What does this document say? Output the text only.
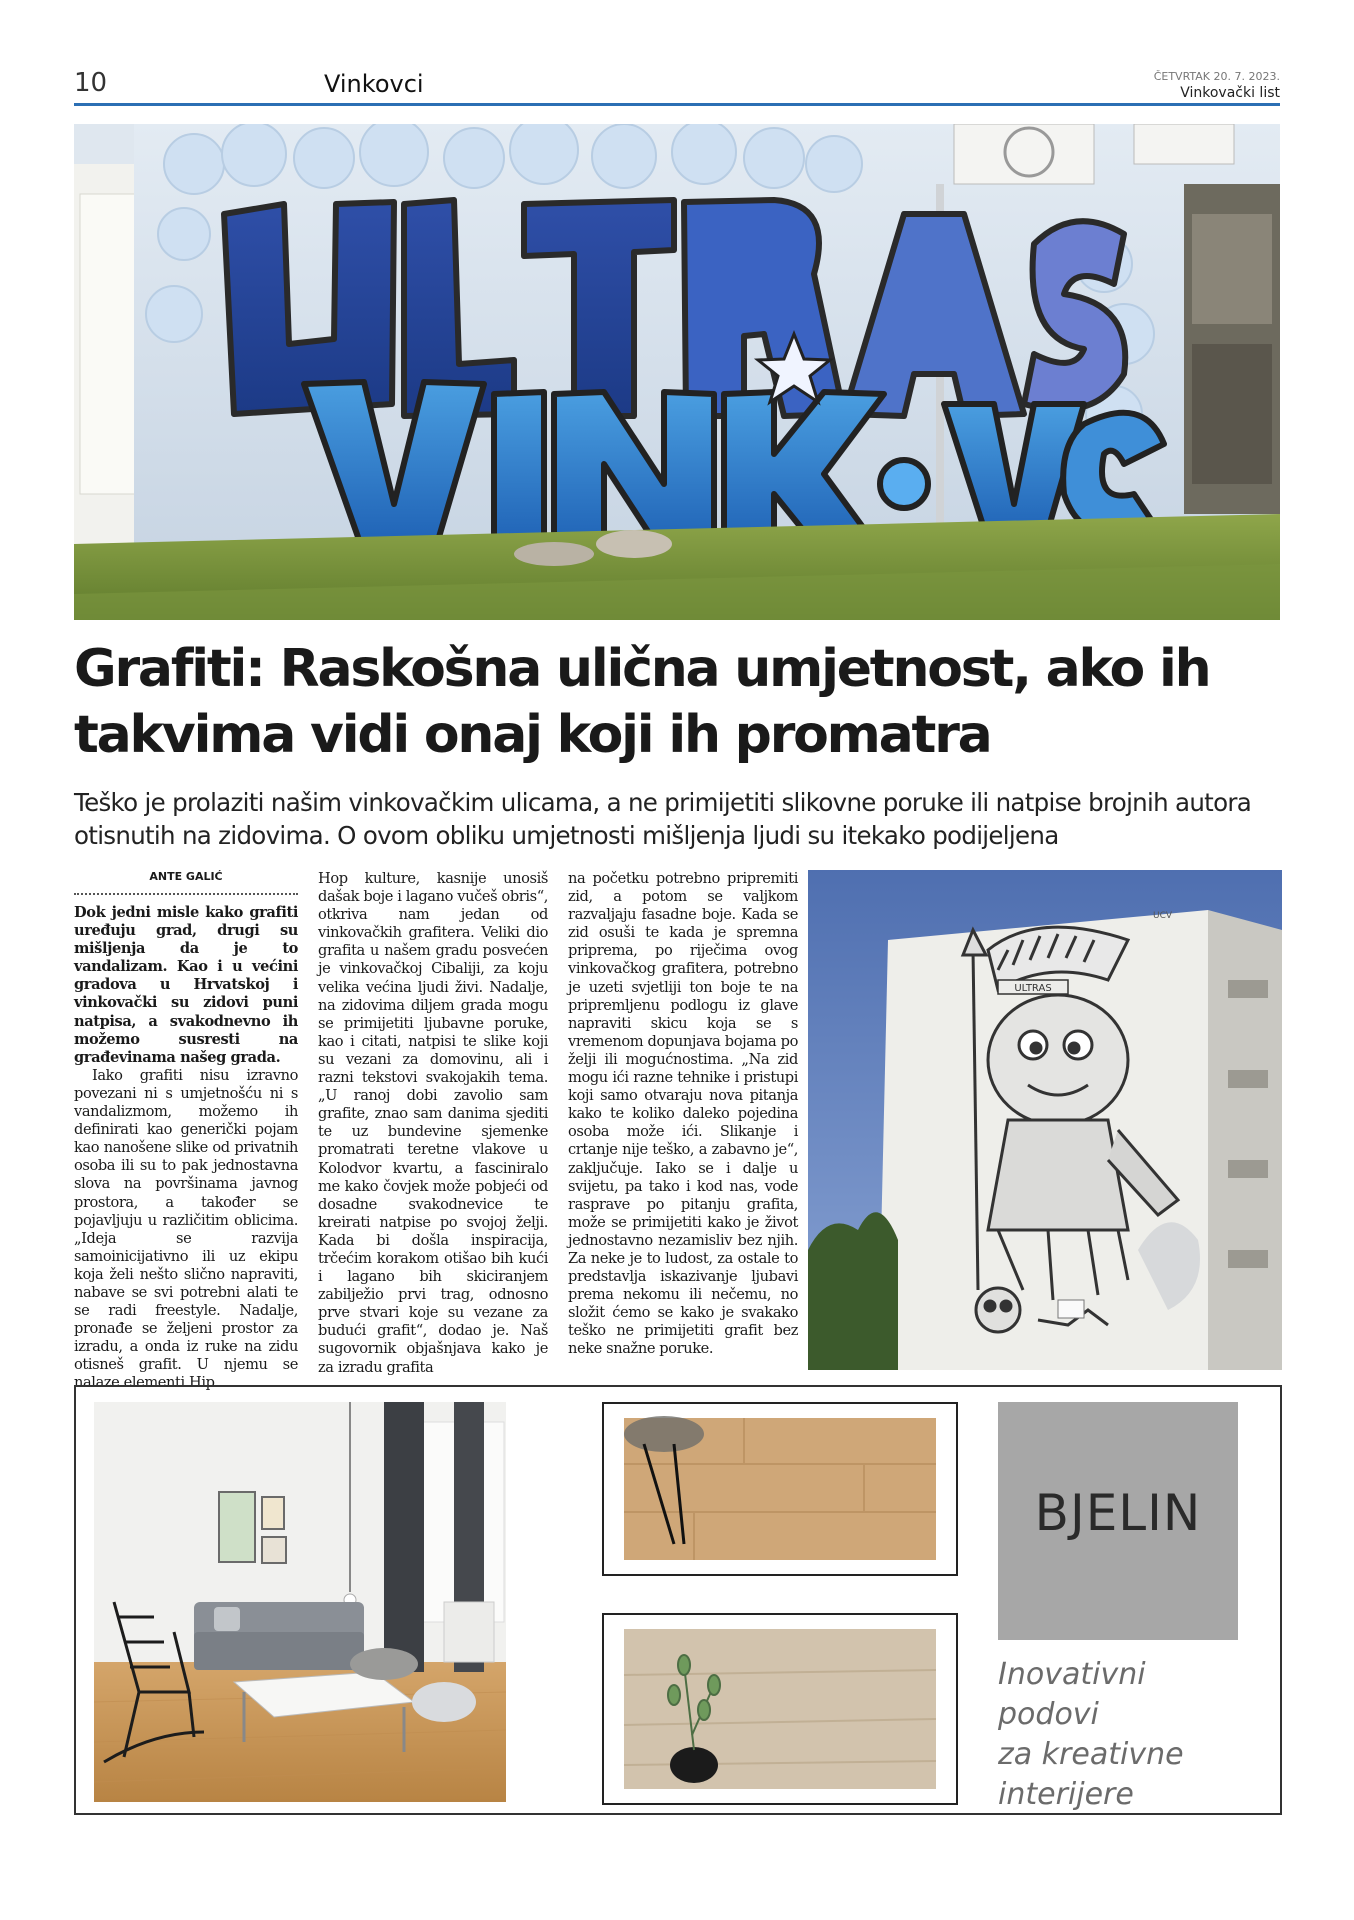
10	Vinkovci	ČETVRTAK 20. 7. 2023.
Vinkovački list
Grafiti: Raskošna ulična umjetnost, ako ih takvima vidi onaj koji ih promatra

Teško je prolaziti našim vinkovačkim ulicama, a ne primijetiti slikovne poruke ili natpise brojnih autora otisnutih na zidovima. O ovom obliku umjetnosti mišljenja ljudi su itekako podijeljena

ANTE GALIĆ

Dok jedni misle kako grafiti uređuju grad, drugi su mišljenja da je to vandalizam. Kao i u većini gradova u Hrvatskoj i vinkovački su zidovi puni natpisa, a svakodnevno ih možemo susresti na građevinama našeg grada.

Iako grafiti nisu izravno povezani ni s umjetnošću ni s vandalizmom, možemo ih definirati kao generički pojam kao nanošene slike od privatnih osoba ili su to pak jednostavna slova na površinama javnog prostora, a također se pojavljuju u različitim oblicima. „Ideja se razvija samoinicijativno ili uz ekipu koja želi nešto slično napraviti, nabave se svi potrebni alati te se radi freestyle. Nadalje, pronađe se željeni prostor za izradu, a onda iz ruke na zidu otisneš grafit. U njemu se nalaze elementi Hip

Hop kulture, kasnije unosiš dašak boje i lagano vučeš obris“, otkriva nam jedan od vinkovačkih grafitera. Veliki dio grafita u našem gradu posvećen je vinkovačkoj Cibaliji, za koju velika većina ljudi živi. Nadalje, na zidovima diljem grada mogu se primijetiti ljubavne poruke, kao i citati, natpisi te slike koji su vezani za domovinu, ali i razni tekstovi svakojakih tema. „U ranoj dobi zavolio sam grafite, znao sam danima sjediti te uz bundevine sjemenke promatrati teretne vlakove u Kolodvor kvartu, a fasciniralo me kako čovjek može pobjeći od dosadne svakodnevice te kreirati natpise po svojoj želji. Kada bi došla inspiracija, trčećim korakom otišao bih kući i lagano bih skiciranjem zabilježio prvi trag, odnosno prve stvari koje su vezane za budući grafit“, dodao je. Naš sugovornik objašnjava kako je za izradu grafita

na početku potrebno pripremiti zid, a potom se valjkom razvaljaju fasadne boje. Kada se zid osuši te kada je spremna pripremа, po riječima ovog vinkovačkog grafitera, potrebno je uzeti svjetliji ton boje te na pripremljenu podlogu iz glave napraviti skicu koja se s vremenom dopunjava bojama po želji ili mogućnostima. „Na zid mogu ići razne tehnike i pristupi koji samo otvaraju nova pitanja kako te koliko daleko pojedina osoba može ići. Slikanje i crtanje nije teško, a zabavno je“, zaključuje. Iako se i dalje u svijetu, pa tako i kod nas, vode rasprave po pitanju grafita, može se primijetiti kako je život jednostavno nezamisliv bez njih. Za neke je to ludost, za ostale to predstavlja iskazivanje ljubavi prema nekomu ili nečemu, no složit ćemo se kako je svakako teško ne primijetiti grafit bez neke snažne poruke.

ULTRAS
UCV
BJELIN

Inovativni
podovi
za kreativne
interijere
